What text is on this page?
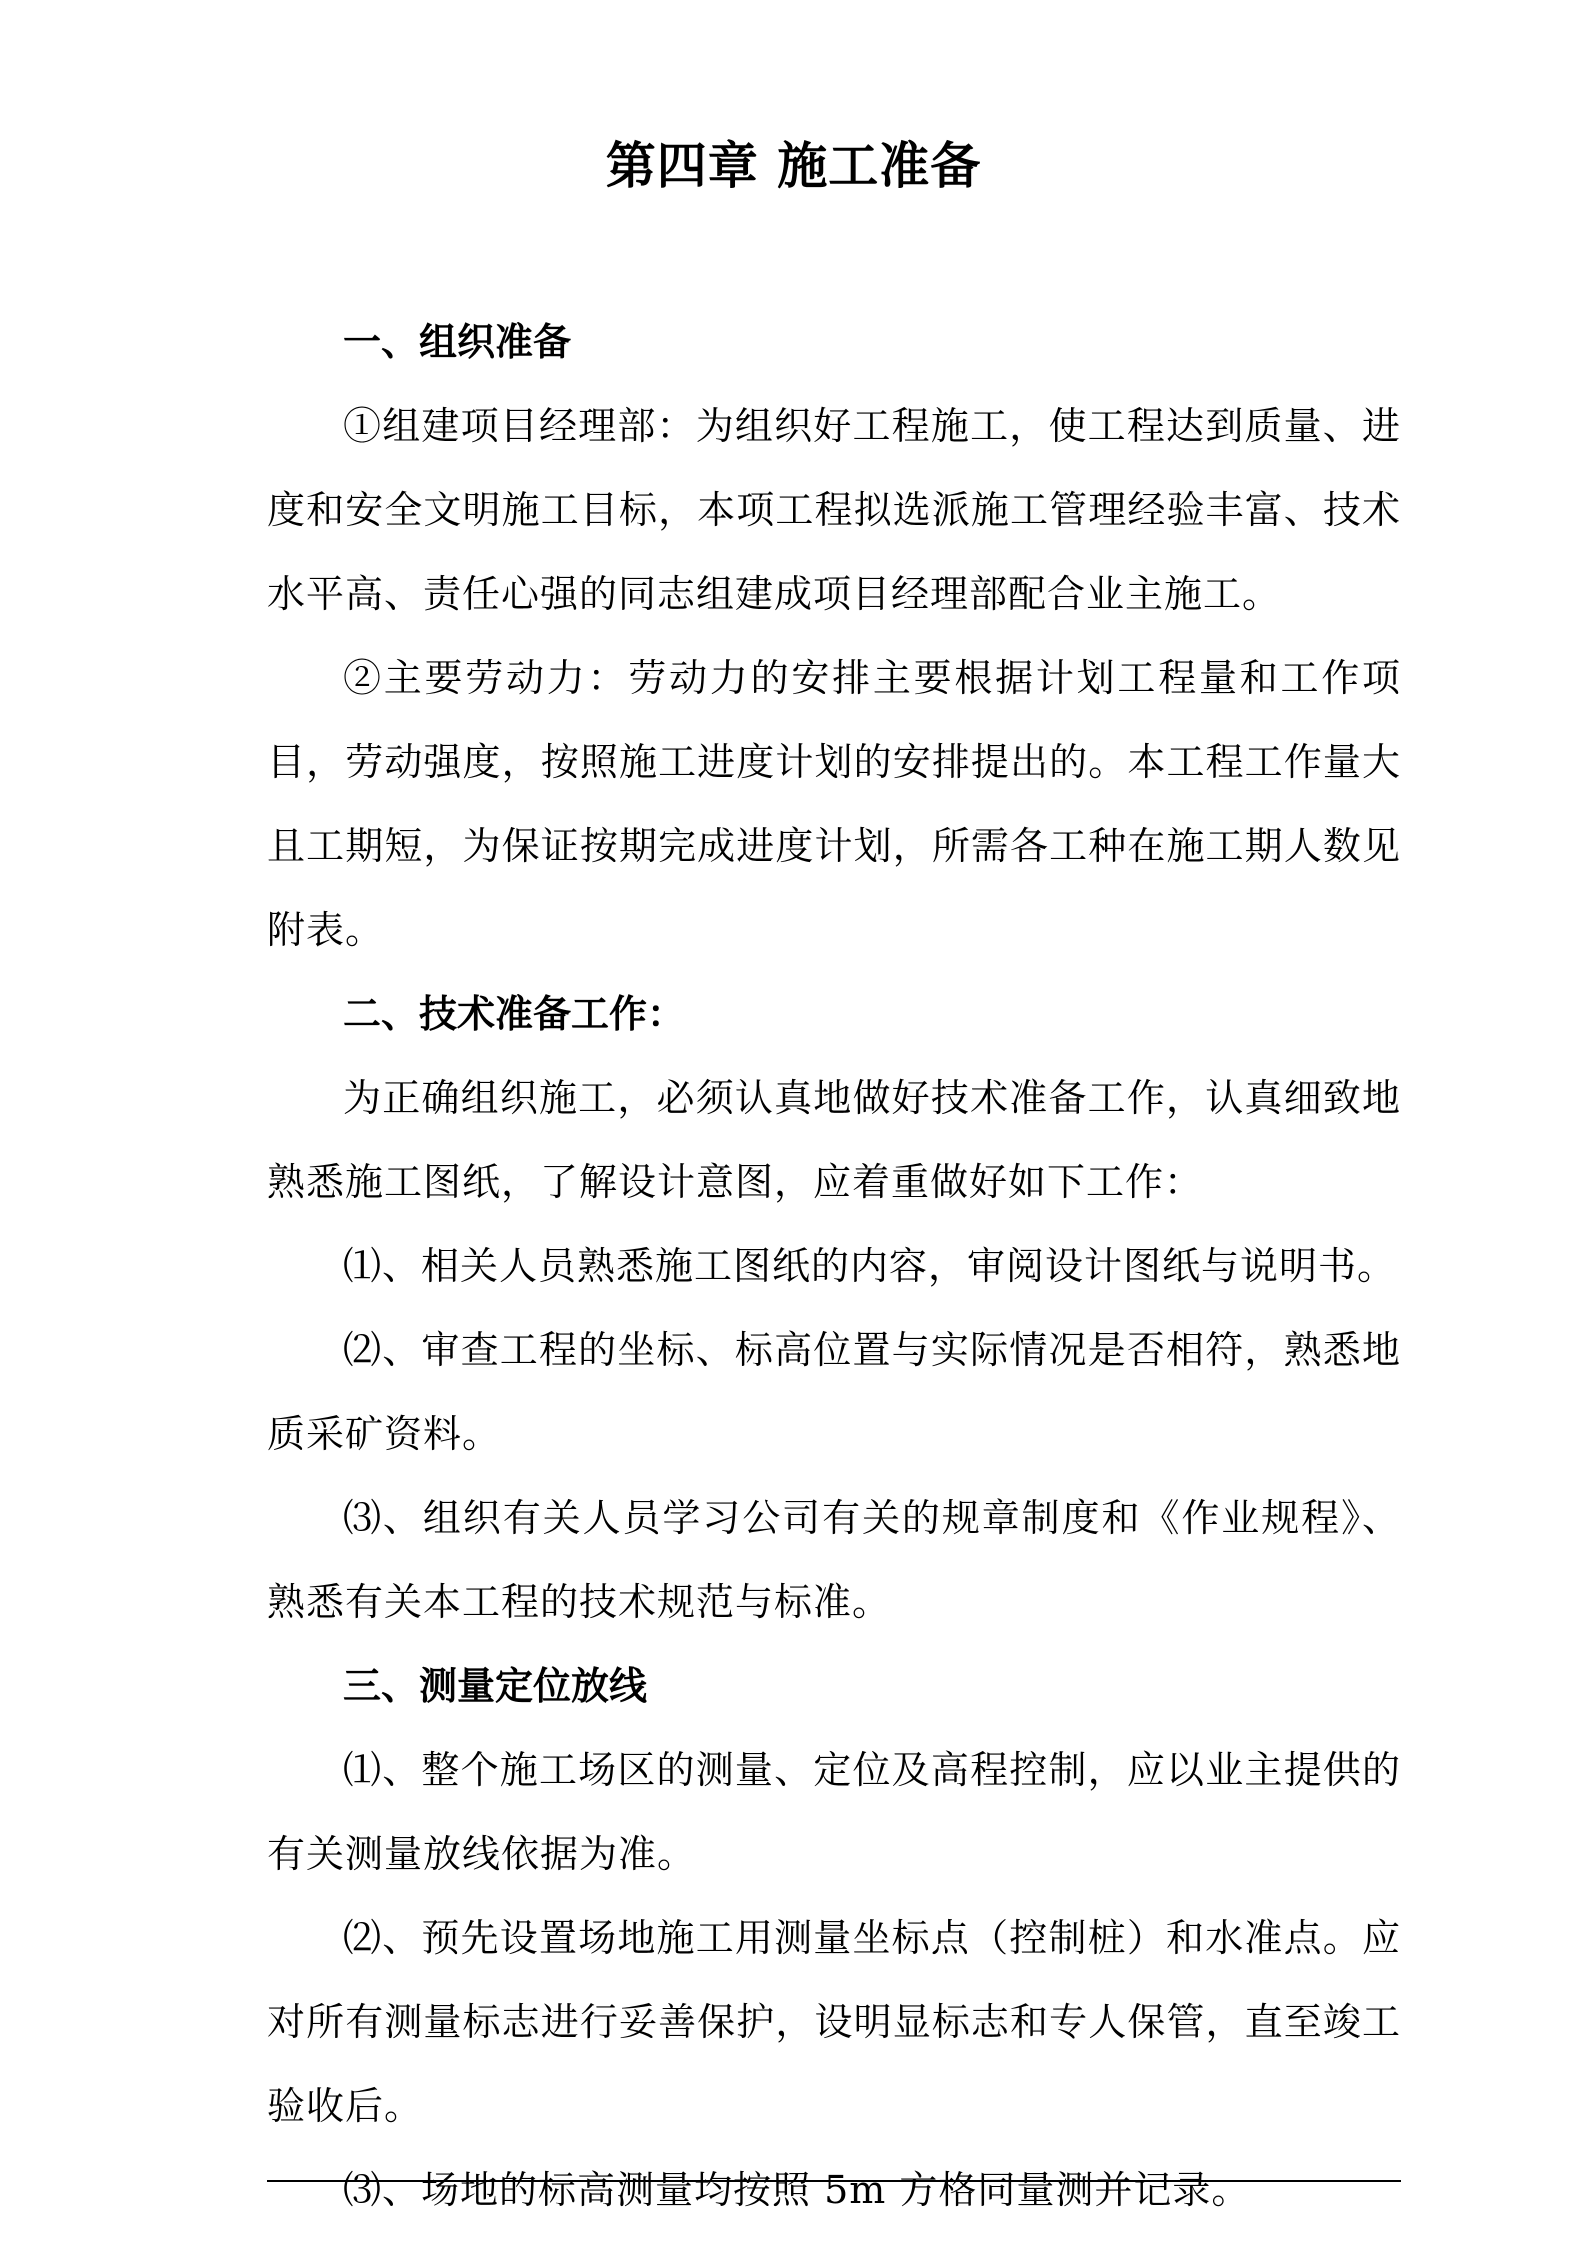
第四章 施工准备

一、组织准备

①组建项目经理部：为组织好工程施工，使工程达到质量、进度和安全文明施工目标，本项工程拟选派施工管理经验丰富、技术水平高、责任心强的同志组建成项目经理部配合业主施工。

②主要劳动力：劳动力的安排主要根据计划工程量和工作项目，劳动强度，按照施工进度计划的安排提出的。本工程工作量大且工期短，为保证按期完成进度计划，所需各工种在施工期人数见附表。

二、技术准备工作：

为正确组织施工，必须认真地做好技术准备工作，认真细致地熟悉施工图纸，了解设计意图，应着重做好如下工作：

⑴、相关人员熟悉施工图纸的内容，审阅设计图纸与说明书。

⑵、审查工程的坐标、标高位置与实际情况是否相符，熟悉地质采矿资料。

⑶、组织有关人员学习公司有关的规章制度和《作业规程》、熟悉有关本工程的技术规范与标准。

三、测量定位放线

⑴、整个施工场区的测量、定位及高程控制，应以业主提供的有关测量放线依据为准。

⑵、预先设置场地施工用测量坐标点（控制桩）和水准点。应对所有测量标志进行妥善保护，设明显标志和专人保管，直至竣工验收后。

⑶、场地的标高测量均按照 5m 方格同量测并记录。
